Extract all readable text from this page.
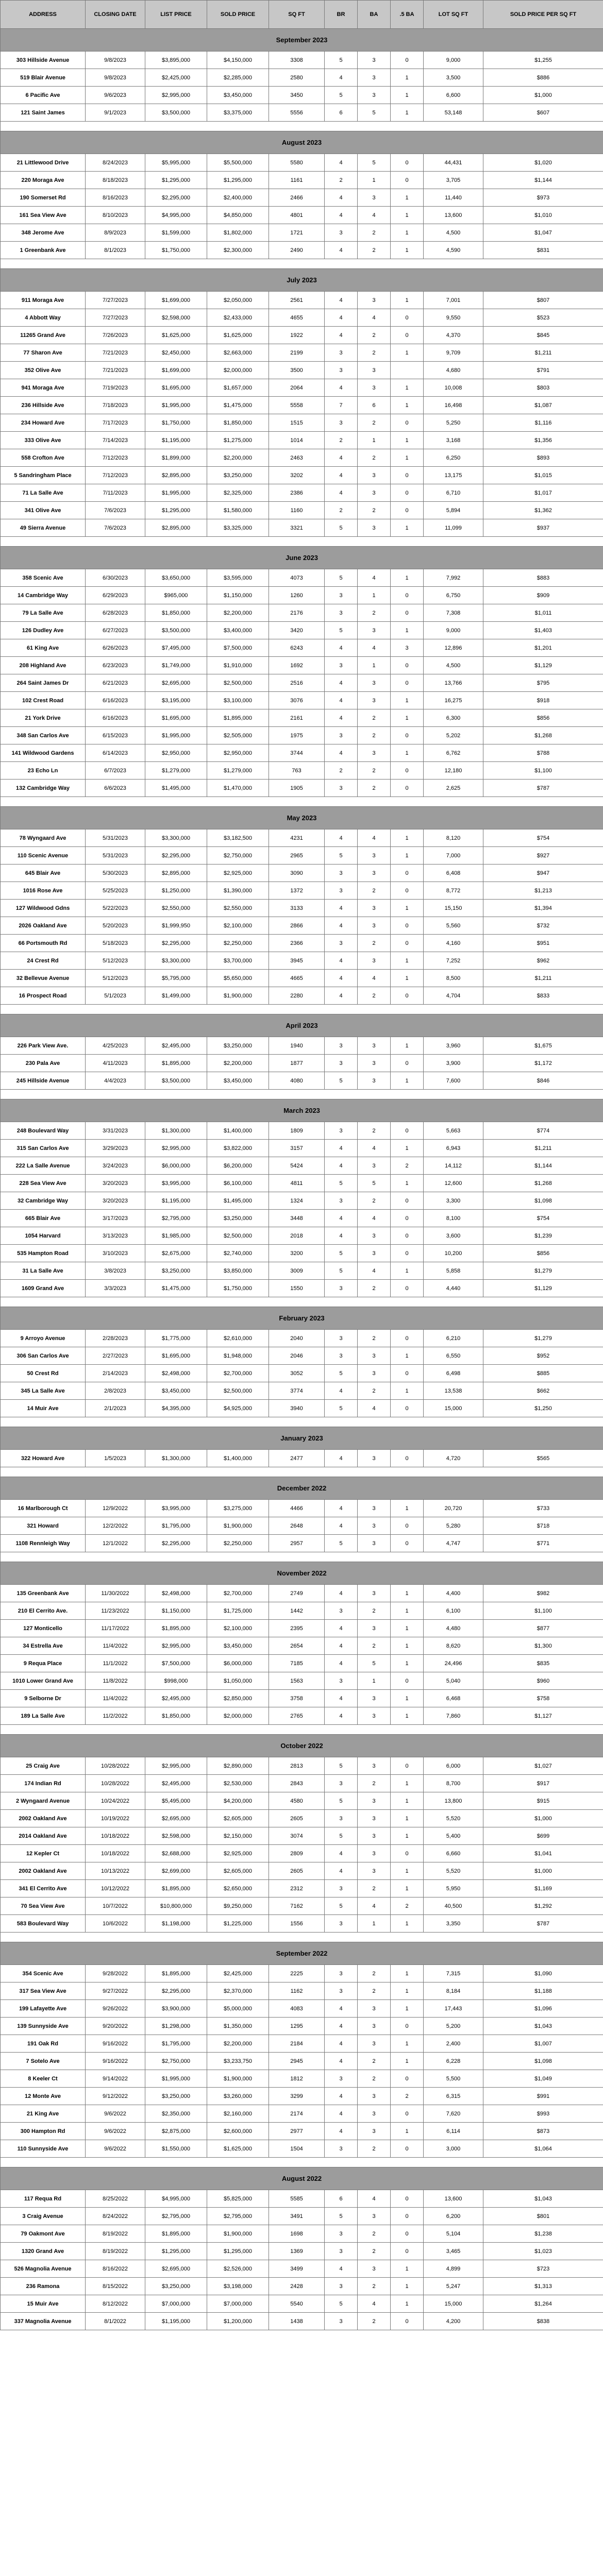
ADDRESS	CLOSING DATE	LIST PRICE	SOLD PRICE	SQ FT	BR	BA	.5 BA	LOT SQ FT	SOLD PRICE PER SQ FT
September 2023									
303 Hillside Avenue	9/8/2023	$3,895,000	$4,150,000	3308	5	3	0	9,000	$1,255
519 Blair Avenue	9/8/2023	$2,425,000	$2,285,000	2580	4	3	1	3,500	$886
6 Pacific Ave	9/6/2023	$2,995,000	$3,450,000	3450	5	3	1	6,600	$1,000
121 Saint James	9/1/2023	$3,500,000	$3,375,000	5556	6	5	1	53,148	$607

August 2023									
21 Littlewood Drive	8/24/2023	$5,995,000	$5,500,000	5580	4	5	0	44,431	$1,020
220 Moraga Ave	8/18/2023	$1,295,000	$1,295,000	1161	2	1	0	3,705	$1,144
190 Somerset Rd	8/16/2023	$2,295,000	$2,400,000	2466	4	3	1	11,440	$973
161 Sea View Ave	8/10/2023	$4,995,000	$4,850,000	4801	4	4	1	13,600	$1,010
348 Jerome Ave	8/9/2023	$1,599,000	$1,802,000	1721	3	2	1	4,500	$1,047
1 Greenbank Ave	8/1/2023	$1,750,000	$2,300,000	2490	4	2	1	4,590	$831

July 2023									
911 Moraga Ave	7/27/2023	$1,699,000	$2,050,000	2561	4	3	1	7,001	$807
4 Abbott Way	7/27/2023	$2,598,000	$2,433,000	4655	4	4	0	9,550	$523
11265 Grand Ave	7/26/2023	$1,625,000	$1,625,000	1922	4	2	0	4,370	$845
77 Sharon Ave	7/21/2023	$2,450,000	$2,663,000	2199	3	2	1	9,709	$1,211
352 Olive Ave	7/21/2023	$1,699,000	$2,000,000	3500	3	3		4,680	$791
941 Moraga Ave	7/19/2023	$1,695,000	$1,657,000	2064	4	3	1	10,008	$803
236 Hillside Ave	7/18/2023	$1,995,000	$1,475,000	5558	7	6	1	16,498	$1,087
234 Howard Ave	7/17/2023	$1,750,000	$1,850,000	1515	3	2	0	5,250	$1,116
333 Olive Ave	7/14/2023	$1,195,000	$1,275,000	1014	2	1	1	3,168	$1,356
558 Crofton Ave	7/12/2023	$1,899,000	$2,200,000	2463	4	2	1	6,250	$893
5 Sandringham Place	7/12/2023	$2,895,000	$3,250,000	3202	4	3	0	13,175	$1,015
71 La Salle Ave	7/11/2023	$1,995,000	$2,325,000	2386	4	3	0	6,710	$1,017
341 Olive Ave	7/6/2023	$1,295,000	$1,580,000	1160	2	2	0	5,894	$1,362
49 Sierra Avenue	7/6/2023	$2,895,000	$3,325,000	3321	5	3	1	11,099	$937

June 2023									
358 Scenic Ave	6/30/2023	$3,650,000	$3,595,000	4073	5	4	1	7,992	$883
14 Cambridge Way	6/29/2023	$965,000	$1,150,000	1260	3	1	0	6,750	$909
79 La Salle Ave	6/28/2023	$1,850,000	$2,200,000	2176	3	2	0	7,308	$1,011
126 Dudley Ave	6/27/2023	$3,500,000	$3,400,000	3420	5	3	1	9,000	$1,403
61 King Ave	6/26/2023	$7,495,000	$7,500,000	6243	4	4	3	12,896	$1,201
208 Highland Ave	6/23/2023	$1,749,000	$1,910,000	1692	3	1	0	4,500	$1,129
264 Saint James Dr	6/21/2023	$2,695,000	$2,500,000	2516	4	3	0	13,766	$795
102 Crest Road	6/16/2023	$3,195,000	$3,100,000	3076	4	3	1	16,275	$918
21 York Drive	6/16/2023	$1,695,000	$1,895,000	2161	4	2	1	6,300	$856
348 San Carlos Ave	6/15/2023	$1,995,000	$2,505,000	1975	3	2	0	5,202	$1,268
141 Wildwood Gardens	6/14/2023	$2,950,000	$2,950,000	3744	4	3	1	6,762	$788
23 Echo Ln	6/7/2023	$1,279,000	$1,279,000	763	2	2	0	12,180	$1,100
132 Cambridge Way	6/6/2023	$1,495,000	$1,470,000	1905	3	2	0	2,625	$787

May 2023									
78 Wyngaard Ave	5/31/2023	$3,300,000	$3,182,500	4231	4	4	1	8,120	$754
110 Scenic Avenue	5/31/2023	$2,295,000	$2,750,000	2965	5	3	1	7,000	$927
645 Blair Ave	5/30/2023	$2,895,000	$2,925,000	3090	3	3	0	6,408	$947
1016 Rose Ave	5/25/2023	$1,250,000	$1,390,000	1372	3	2	0	8,772	$1,213
127 Wildwood Gdns	5/22/2023	$2,550,000	$2,550,000	3133	4	3	1	15,150	$1,394
2026 Oakland Ave	5/20/2023	$1,999,950	$2,100,000	2866	4	3	0	5,560	$732
66 Portsmouth Rd	5/18/2023	$2,295,000	$2,250,000	2366	3	2	0	4,160	$951
24 Crest Rd	5/12/2023	$3,300,000	$3,700,000	3945	4	3	1	7,252	$962
32 Bellevue Avenue	5/12/2023	$5,795,000	$5,650,000	4665	4	4	1	8,500	$1,211
16 Prospect Road	5/1/2023	$1,499,000	$1,900,000	2280	4	2	0	4,704	$833

April 2023									
226 Park View Ave.	4/25/2023	$2,495,000	$3,250,000	1940	3	3	1	3,960	$1,675
230 Pala Ave	4/11/2023	$1,895,000	$2,200,000	1877	3	3	0	3,900	$1,172
245 Hillside Avenue	4/4/2023	$3,500,000	$3,450,000	4080	5	3	1	7,600	$846

March 2023									
248 Boulevard Way	3/31/2023	$1,300,000	$1,400,000	1809	3	2	0	5,663	$774
315 San Carlos Ave	3/29/2023	$2,995,000	$3,822,000	3157	4	4	1	6,943	$1,211
222 La Salle Avenue	3/24/2023	$6,000,000	$6,200,000	5424	4	3	2	14,112	$1,144
228 Sea View Ave	3/20/2023	$3,995,000	$6,100,000	4811	5	5	1	12,600	$1,268
32 Cambridge Way	3/20/2023	$1,195,000	$1,495,000	1324	3	2	0	3,300	$1,098
665 Blair Ave	3/17/2023	$2,795,000	$3,250,000	3448	4	4	0	8,100	$754
1054 Harvard	3/13/2023	$1,985,000	$2,500,000	2018	4	3	0	3,600	$1,239
535 Hampton Road	3/10/2023	$2,675,000	$2,740,000	3200	5	3	0	10,200	$856
31 La Salle Ave	3/8/2023	$3,250,000	$3,850,000	3009	5	4	1	5,858	$1,279
1609 Grand Ave	3/3/2023	$1,475,000	$1,750,000	1550	3	2	0	4,440	$1,129

February 2023									
9 Arroyo Avenue	2/28/2023	$1,775,000	$2,610,000	2040	3	2	0	6,210	$1,279
306 San Carlos Ave	2/27/2023	$1,695,000	$1,948,000	2046	3	3	1	6,550	$952
50 Crest Rd	2/14/2023	$2,498,000	$2,700,000	3052	5	3	0	6,498	$885
345 La Salle Ave	2/8/2023	$3,450,000	$2,500,000	3774	4	2	1	13,538	$662
14 Muir Ave	2/1/2023	$4,395,000	$4,925,000	3940	5	4	0	15,000	$1,250

January 2023									
322 Howard Ave	1/5/2023	$1,300,000	$1,400,000	2477	4	3	0	4,720	$565

December 2022									
16 Marlborough Ct	12/9/2022	$3,995,000	$3,275,000	4466	4	3	1	20,720	$733
321 Howard	12/2/2022	$1,795,000	$1,900,000	2648	4	3	0	5,280	$718
1108 Rennleigh Way	12/1/2022	$2,295,000	$2,250,000	2957	5	3	0	4,747	$771

November 2022									
135 Greenbank Ave	11/30/2022	$2,498,000	$2,700,000	2749	4	3	1	4,400	$982
210 El Cerrito Ave.	11/23/2022	$1,150,000	$1,725,000	1442	3	2	1	6,100	$1,100
127 Monticello	11/17/2022	$1,895,000	$2,100,000	2395	4	3	1	4,480	$877
34 Estrella Ave	11/4/2022	$2,995,000	$3,450,000	2654	4	2	1	8,620	$1,300
9 Requa Place	11/1/2022	$7,500,000	$6,000,000	7185	4	5	1	24,496	$835
1010 Lower Grand Ave	11/8/2022	$998,000	$1,050,000	1563	3	1	0	5,040	$960
9 Selborne Dr	11/4/2022	$2,495,000	$2,850,000	3758	4	3	1	6,468	$758
189 La Salle Ave	11/2/2022	$1,850,000	$2,000,000	2765	4	3	1	7,860	$1,127

October 2022									
25 Craig Ave	10/28/2022	$2,995,000	$2,890,000	2813	5	3	0	6,000	$1,027
174 Indian Rd	10/28/2022	$2,495,000	$2,530,000	2843	3	2	1	8,700	$917
2 Wyngaard Avenue	10/24/2022	$5,495,000	$4,200,000	4580	5	3	1	13,800	$915
2002 Oakland Ave	10/19/2022	$2,695,000	$2,605,000	2605	3	3	1	5,520	$1,000
2014 Oakland Ave	10/18/2022	$2,598,000	$2,150,000	3074	5	3	1	5,400	$699
12 Kepler Ct	10/18/2022	$2,688,000	$2,925,000	2809	4	3	0	6,660	$1,041
2002 Oakland Ave	10/13/2022	$2,699,000	$2,605,000	2605	4	3	1	5,520	$1,000
341 El Cerrito Ave	10/12/2022	$1,895,000	$2,650,000	2312	3	2	1	5,950	$1,169
70 Sea View Ave	10/7/2022	$10,800,000	$9,250,000	7162	5	4	2	40,500	$1,292
583 Boulevard Way	10/6/2022	$1,198,000	$1,225,000	1556	3	1	1	3,350	$787

September 2022									
354 Scenic Ave	9/28/2022	$1,895,000	$2,425,000	2225	3	2	1	7,315	$1,090
317 Sea View Ave	9/27/2022	$2,295,000	$2,370,000	1162	3	2	1	8,184	$1,188
199 Lafayette Ave	9/26/2022	$3,900,000	$5,000,000	4083	4	3	1	17,443	$1,096
139 Sunnyside Ave	9/20/2022	$1,298,000	$1,350,000	1295	4	3	0	5,200	$1,043
191 Oak Rd	9/16/2022	$1,795,000	$2,200,000	2184	4	3	1	2,400	$1,007
7 Sotelo Ave	9/16/2022	$2,750,000	$3,233,750	2945	4	2	1	6,228	$1,098
8 Keeler Ct	9/14/2022	$1,995,000	$1,900,000	1812	3	2	0	5,500	$1,049
12 Monte Ave	9/12/2022	$3,250,000	$3,260,000	3299	4	3	2	6,315	$991
21 King Ave	9/6/2022	$2,350,000	$2,160,000	2174	4	3	0	7,620	$993
300 Hampton Rd	9/6/2022	$2,875,000	$2,600,000	2977	4	3	1	6,114	$873
110 Sunnyside Ave	9/6/2022	$1,550,000	$1,625,000	1504	3	2	0	3,000	$1,064

August 2022									
117 Requa Rd	8/25/2022	$4,995,000	$5,825,000	5585	6	4	0	13,600	$1,043
3 Craig Avenue	8/24/2022	$2,795,000	$2,795,000	3491	5	3	0	6,200	$801
79 Oakmont Ave	8/19/2022	$1,895,000	$1,900,000	1698	3	2	0	5,104	$1,238
1320 Grand Ave	8/19/2022	$1,295,000	$1,295,000	1369	3	2	0	3,465	$1,023
526 Magnolia Avenue	8/16/2022	$2,695,000	$2,526,000	3499	4	3	1	4,899	$723
236 Ramona	8/15/2022	$3,250,000	$3,198,000	2428	3	2	1	5,247	$1,313
15 Muir Ave	8/12/2022	$7,000,000	$7,000,000	5540	5	4	1	15,000	$1,264
337 Magnolia Avenue	8/1/2022	$1,195,000	$1,200,000	1438	3	2	0	4,200	$838
